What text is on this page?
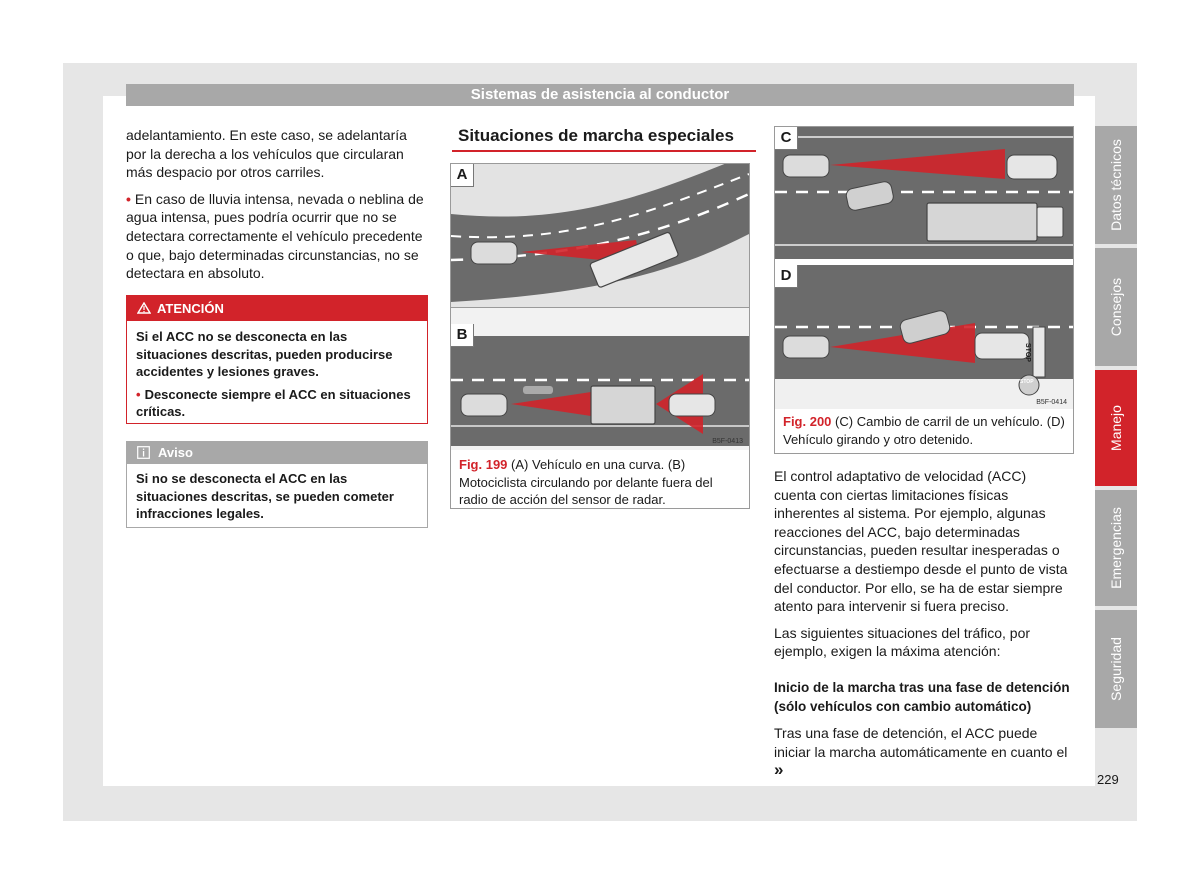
Sistemas de asistencia al conductor

adelantamiento. En este caso, se adelantaría por la derecha a los vehículos que circularan más despacio por otros carriles.

• En caso de lluvia intensa, nevada o neblina de agua intensa, pues podría ocurrir que no se detectara correctamente el vehículo precedente o que, bajo determinadas circunstancias, no se detectara en absoluto.

ATENCIÓN

Si el ACC no se desconecta en las situaciones descritas, pueden producirse accidentes y lesiones graves.

• Desconecte siempre el ACC en situaciones críticas.

Aviso
Si no se desconecta el ACC en las situaciones descritas, se pueden cometer infracciones legales.
Situaciones de marcha especiales
A
B
B5F-0413
Fig. 199 (A) Vehículo en una curva. (B) Motociclista circulando por delante fuera del radio de acción del sensor de radar.
C
D
STOP
STOP
B5F-0414
Fig. 200 (C) Cambio de carril de un vehículo. (D) Vehículo girando y otro detenido.

El control adaptativo de velocidad (ACC) cuenta con ciertas limitaciones físicas inherentes al sistema. Por ejemplo, algunas reacciones del ACC, bajo determinadas circunstancias, pueden resultar inesperadas o efectuarse a destiempo desde el punto de vista del conductor. Por ello, se ha de estar siempre atento para intervenir si fuera preciso.

Las siguientes situaciones del tráfico, por ejemplo, exigen la máxima atención:

Inicio de la marcha tras una fase de detención (sólo vehículos con cambio automático)

Tras una fase de detención, el ACC puede iniciar la marcha automáticamente en cuanto el »

Datos técnicos
Consejos
Manejo
Emergencias
Seguridad
229
